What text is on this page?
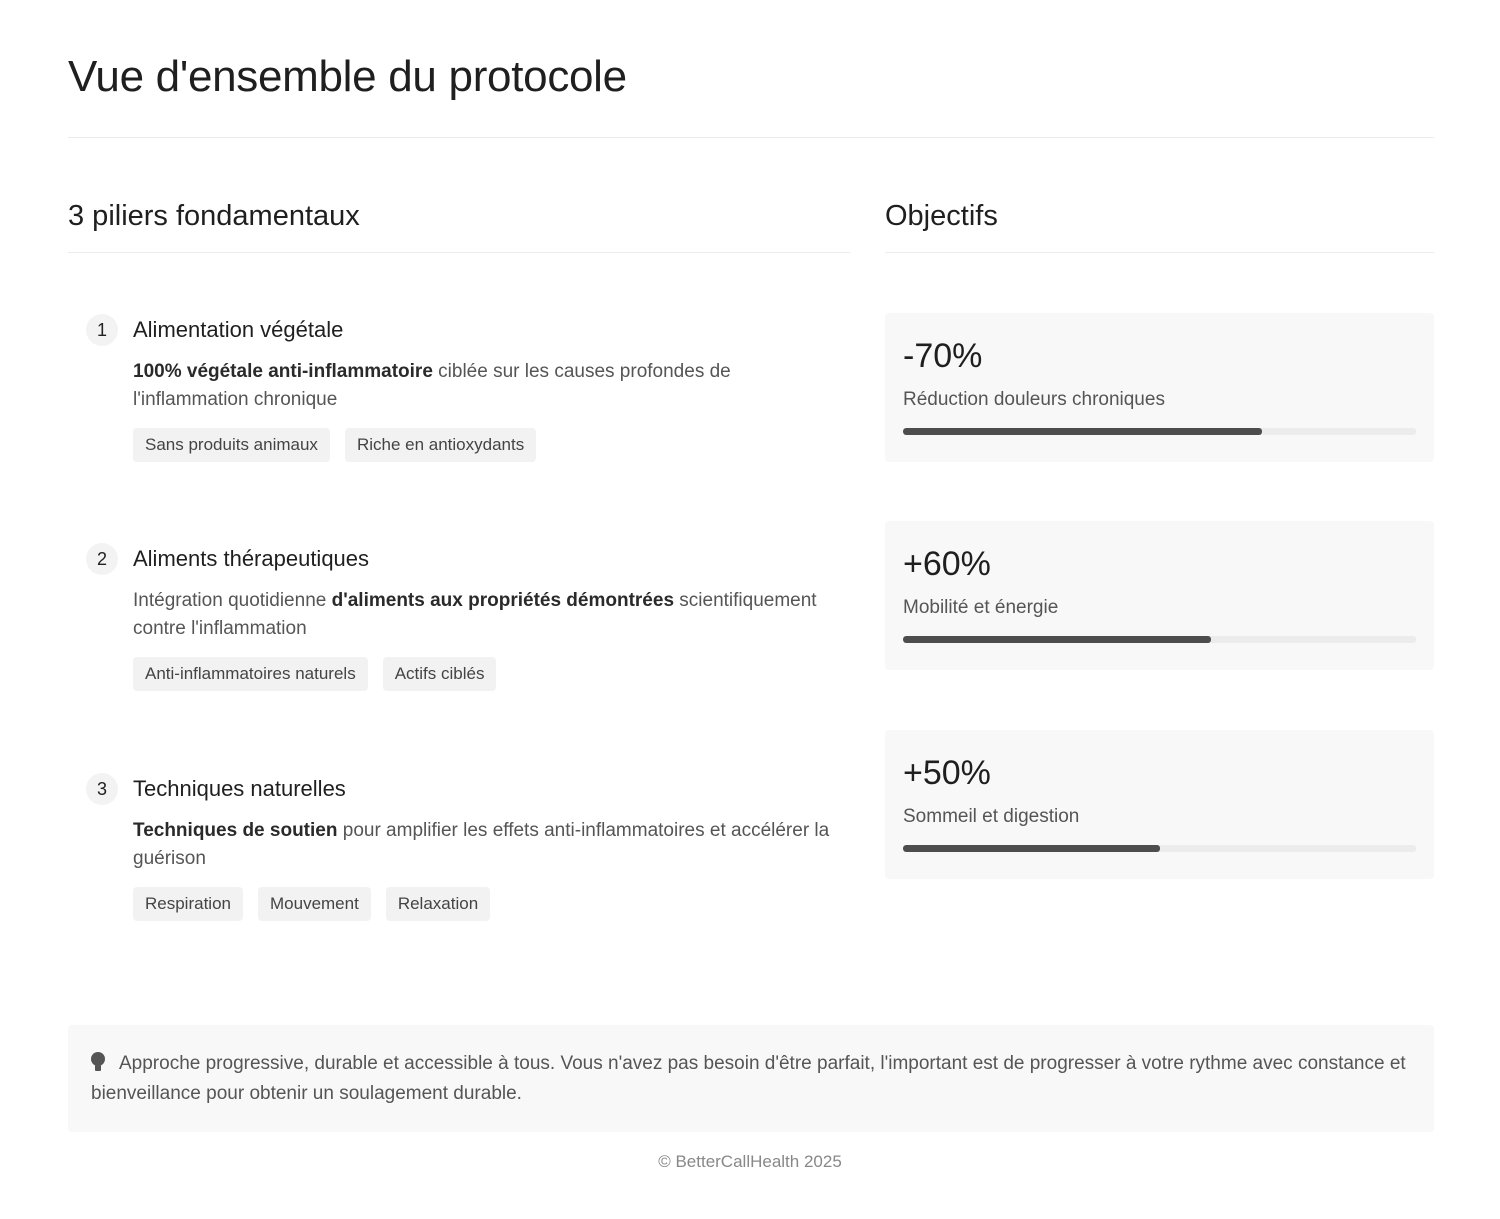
Vue d'ensemble du protocole
3 piliers fondamentaux
1	Alimentation végétale

100% végétale anti-inflammatoire ciblée sur les causes profondes de l'inflammation chronique

Sans produits animaux	Riche en antioxydants
2	Aliments thérapeutiques

Intégration quotidienne d'aliments aux propriétés démontrées scientifiquement contre l'inflammation

Anti-inflammatoires naturels	Actifs ciblés
3	Techniques naturelles

Techniques de soutien pour amplifier les effets anti-inflammatoires et accélérer la guérison

Respiration	Mouvement	Relaxation
Objectifs
-70%
Réduction douleurs chroniques
+60%
Mobilité et énergie
+50%
Sommeil et digestion
Approche progressive, durable et accessible à tous. Vous n'avez pas besoin d'être parfait, l'important est de progresser à votre rythme avec constance et bienveillance pour obtenir un soulagement durable.
© BetterCallHealth 2025
